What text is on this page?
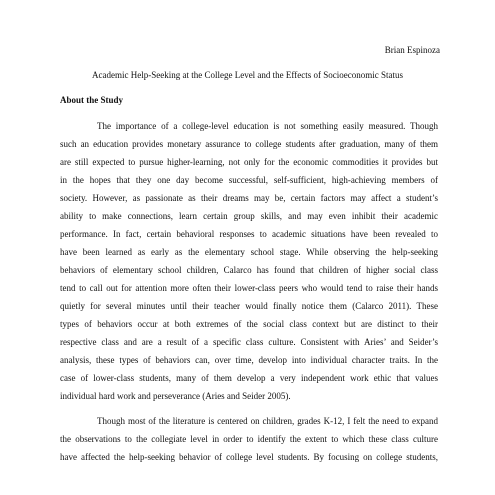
Brian Espinoza
Academic Help-Seeking at the College Level and the Effects of Socioeconomic Status
About the Study
The importance of a college-level education is not something easily measured. Though
such an education provides monetary assurance to college students after graduation, many of them
are still expected to pursue higher-learning, not only for the economic commodities it provides but
in the hopes that they one day become successful, self-sufficient, high-achieving members of
society. However, as passionate as their dreams may be, certain factors may affect a student’s
ability to make connections, learn certain group skills, and may even inhibit their academic
performance. In fact, certain behavioral responses to academic situations have been revealed to
have been learned as early as the elementary school stage. While observing the help-seeking
behaviors of elementary school children, Calarco has found that children of higher social class
tend to call out for attention more often their lower-class peers who would tend to raise their hands
quietly for several minutes until their teacher would finally notice them (Calarco 2011). These
types of behaviors occur at both extremes of the social class context but are distinct to their
respective class and are a result of a specific class culture. Consistent with Aries’ and Seider’s
analysis, these types of behaviors can, over time, develop into individual character traits. In the
case of lower-class students, many of them develop a very independent work ethic that values
individual hard work and perseverance (Aries and Seider 2005).
Though most of the literature is centered on children, grades K-12, I felt the need to expand
the observations to the collegiate level in order to identify the extent to which these class culture
have affected the help-seeking behavior of college level students. By focusing on college students,
